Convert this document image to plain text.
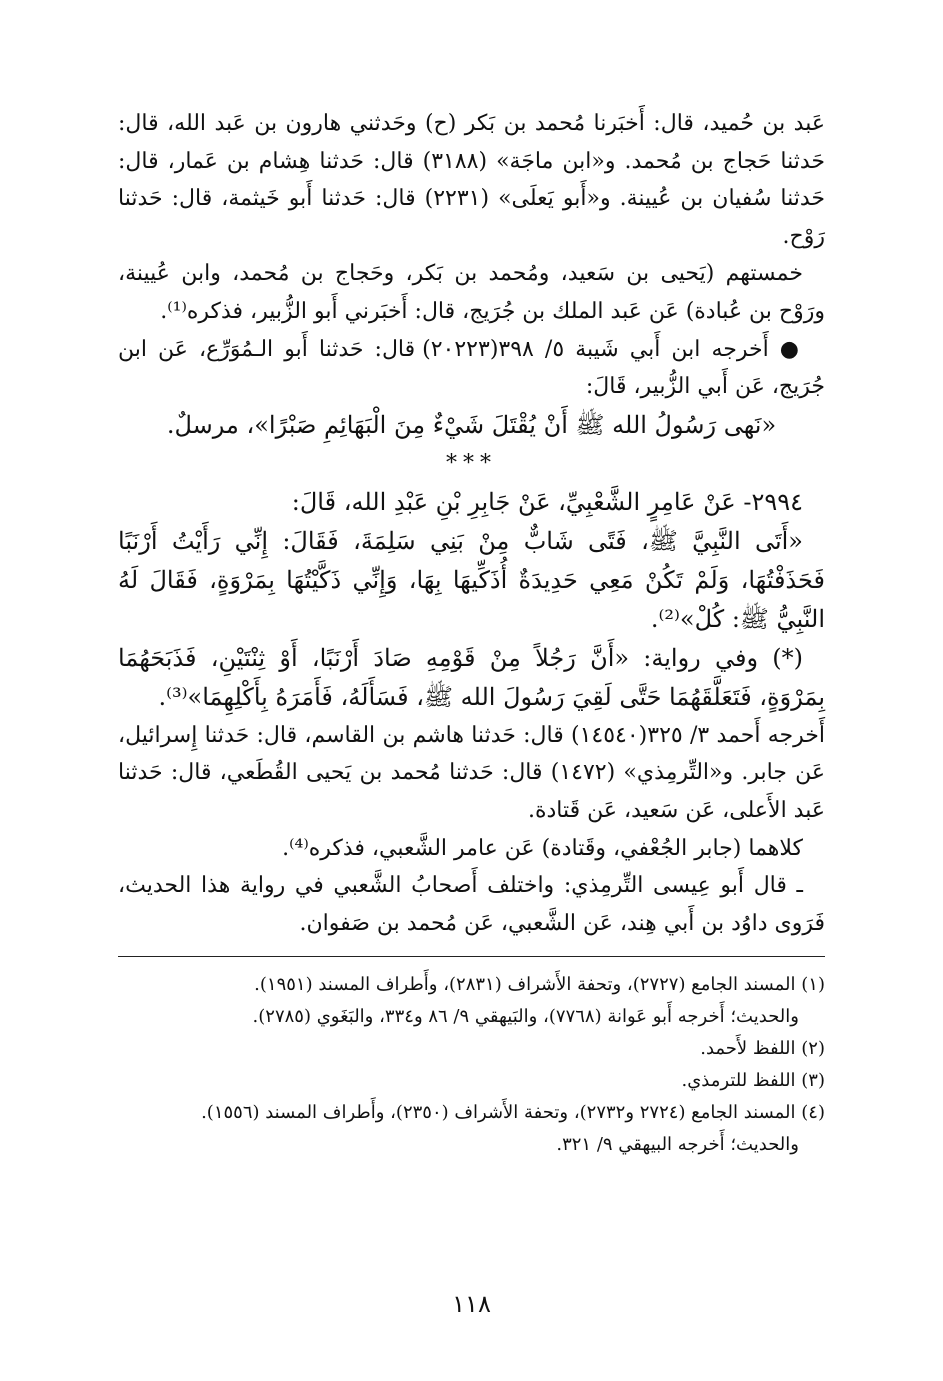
عَبد بن حُميد، قال: أَخبَرنا مُحمد بن بَكر (ح) وحَدثني هارون بن عَبد الله، قال: حَدثنا حَجاج بن مُحمد. و«ابن ماجَة» (٣١٨٨) قال: حَدثنا هِشام بن عَمار، قال: حَدثنا سُفيان بن عُيينة. و«أَبو يَعلَى» (٢٢٣١) قال: حَدثنا أَبو خَيثمة، قال: حَدثنا رَوْح.

خمستهم (يَحيى بن سَعيد، ومُحمد بن بَكر، وحَجاج بن مُحمد، وابن عُيينة، ورَوْح بن عُبادة) عَن عَبد الملك بن جُرَيج، قال: أَخبَرني أَبو الزُّبير، فذكره⁽¹⁾.

● أَخرجه ابن أَبي شَيبة ٥/ ٣٩٨(٢٠٢٢٣) قال: حَدثنا أَبو الـمُوَرِّع، عَن ابن جُرَيج، عَن أَبي الزُّبير، قَالَ:

«نَهى رَسُولُ الله ﷺ أَنْ يُقْتَلَ شَيْءٌ مِنَ الْبَهَائِمِ صَبْرًا»، مرسلٌ.

***

٢٩٩٤- عَنْ عَامِرٍ الشَّعْبِيِّ، عَنْ جَابِرِ بْنِ عَبْدِ الله، قَالَ:

«أَتَى النَّبِيَّ ﷺ، فَتًى شَابٌّ مِنْ بَنِي سَلِمَةَ، فَقَالَ: إِنِّي رَأَيْتُ أَرْنَبًا فَحَذَفْتُهَا، وَلَمْ تَكُنْ مَعِي حَدِيدَةٌ أُذَكِّيهَا بِهَا، وَإِنِّي ذَكَّيْتُهَا بِمَرْوَةٍ، فَقَالَ لَهُ النَّبِيُّ ﷺ: كُلْ»⁽²⁾.

(*) وفي رواية: «أَنَّ رَجُلاً مِنْ قَوْمِهِ صَادَ أَرْنَبًا، أَوْ ثِنْتَيْنِ، فَذَبَحَهُمَا بِمَرْوَةٍ، فَتَعَلَّقَهُمَا حَتَّى لَقِيَ رَسُولَ الله ﷺ، فَسَأَلَهُ، فَأَمَرَهُ بِأَكْلِهِمَا»⁽³⁾.

أَخرجه أَحمد ٣/ ٣٢٥(١٤٥٤٠) قال: حَدثنا هاشم بن القاسم، قال: حَدثنا إِسرائيل، عَن جابر. و«التِّرمِذي» (١٤٧٢) قال: حَدثنا مُحمد بن يَحيى القُطَعي، قال: حَدثنا عَبد الأَعلى، عَن سَعيد، عَن قَتادة.

كلاهما (جابر الجُعْفي، وقَتادة) عَن عامر الشَّعبي، فذكره⁽⁴⁾.

ـ قال أَبو عِيسى التِّرمِذي: واختلف أَصحابُ الشَّعبي في رواية هذا الحديث، فَرَوى داوُد بن أَبي هِند، عَن الشَّعبي، عَن مُحمد بن صَفوان.

(١) المسند الجامع (٢٧٢٧)، وتحفة الأَشراف (٢٨٣١)، وأَطراف المسند (١٩٥١).

والحديث؛ أَخرجه أَبو عَوانة (٧٧٦٨)، والبَيهقي ٩/ ٨٦ و٣٣٤، والبَغَوي (٢٧٨٥).

(٢) اللفظ لأَحمد.

(٣) اللفظ للترمذي.

(٤) المسند الجامع (٢٧٢٤ و٢٧٣٢)، وتحفة الأَشراف (٢٣٥٠)، وأَطراف المسند (١٥٥٦).

والحديث؛ أَخرجه البيهقي ٩/ ٣٢١.

١١٨
